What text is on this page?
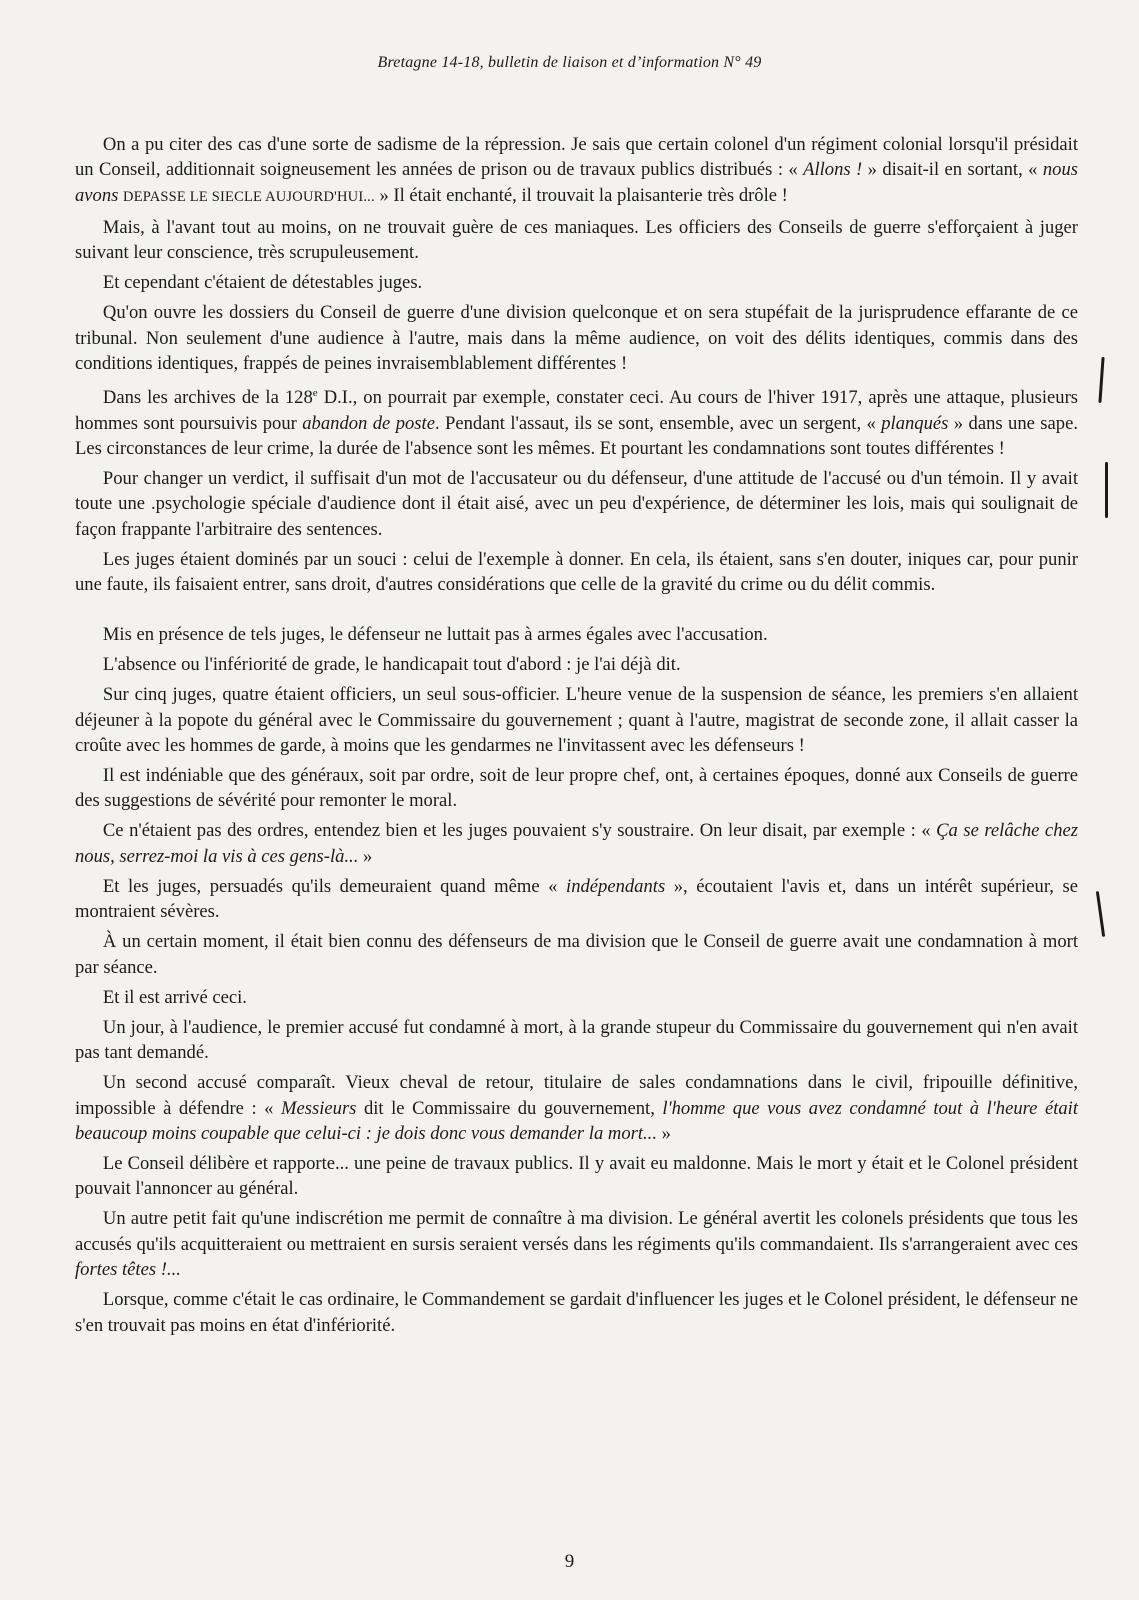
Bretagne 14-18, bulletin de liaison et d’information N° 49

  On a pu citer des cas d'une sorte de sadisme de la répression. Je sais que certain colonel d'un régiment colonial lorsqu'il présidait un Conseil, additionnait soigneusement les années de prison ou de travaux publics distribués : « Allons ! » disait-il en sortant, « nous avons DEPASSE LE SIECLE AUJOURD'HUI... » Il était enchanté, il trouvait la plaisanterie très drôle !

  Mais, à l'avant tout au moins, on ne trouvait guère de ces maniaques. Les officiers des Conseils de guerre s'efforçaient à juger suivant leur conscience, très scrupuleusement.

  Et cependant c'étaient de détestables juges.

  Qu'on ouvre les dossiers du Conseil de guerre d'une division quelconque et on sera stupéfait de la jurisprudence effarante de ce tribunal. Non seulement d'une audience à l'autre, mais dans la même audience, on voit des délits identiques, commis dans des conditions identiques, frappés de peines invraisemblablement différentes !

  Dans les archives de la 128e D.I., on pourrait par exemple, constater ceci. Au cours de l'hiver 1917, après une attaque, plusieurs hommes sont poursuivis pour abandon de poste. Pendant l'assaut, ils se sont, ensemble, avec un sergent, « planqués » dans une sape. Les circonstances de leur crime, la durée de l'absence sont les mêmes. Et pourtant les condamnations sont toutes différentes !

  Pour changer un verdict, il suffisait d'un mot de l'accusateur ou du défenseur, d'une attitude de l'accusé ou d'un témoin. Il y avait toute une .psychologie spéciale d'audience dont il était aisé, avec un peu d'expérience, de déterminer les lois, mais qui soulignait de façon frappante l'arbitraire des sentences.

  Les juges étaient dominés par un souci : celui de l'exemple à donner. En cela, ils étaient, sans s'en douter, iniques car, pour punir une faute, ils faisaient entrer, sans droit, d'autres considérations que celle de la gravité du crime ou du délit commis.

  Mis en présence de tels juges, le défenseur ne luttait pas à armes égales avec l'accusation.

  L'absence ou l'infériorité de grade, le handicapait tout d'abord : je l'ai déjà dit.

  Sur cinq juges, quatre étaient officiers, un seul sous-officier. L'heure venue de la suspension de séance, les premiers s'en allaient déjeuner à la popote du général avec le Commissaire du gouvernement ; quant à l'autre, magistrat de seconde zone, il allait casser la croûte avec les hommes de garde, à moins que les gendarmes ne l'invitassent avec les défenseurs !

  Il est indéniable que des généraux, soit par ordre, soit de leur propre chef, ont, à certaines époques, donné aux Conseils de guerre des suggestions de sévérité pour remonter le moral.

  Ce n'étaient pas des ordres, entendez bien et les juges pouvaient s'y soustraire. On leur disait, par exemple : « Ça se relâche chez nous, serrez-moi la vis à ces gens-là... »

  Et les juges, persuadés qu'ils demeuraient quand même « indépendants », écoutaient l'avis et, dans un intérêt supérieur, se montraient sévères.

  À un certain moment, il était bien connu des défenseurs de ma division que le Conseil de guerre avait une condamnation à mort par séance.

  Et il est arrivé ceci.

  Un jour, à l'audience, le premier accusé fut condamné à mort, à la grande stupeur du Commissaire du gouvernement qui n'en avait pas tant demandé.

  Un second accusé comparaît. Vieux cheval de retour, titulaire de sales condamnations dans le civil, fripouille définitive, impossible à défendre : « Messieurs dit le Commissaire du gouvernement, l'homme que vous avez condamné tout à l'heure était beaucoup moins coupable que celui-ci : je dois donc vous demander la mort... »

  Le Conseil délibère et rapporte... une peine de travaux publics. Il y avait eu maldonne. Mais le mort y était et le Colonel président pouvait l'annoncer au général.

  Un autre petit fait qu'une indiscrétion me permit de connaître à ma division. Le général avertit les colonels présidents que tous les accusés qu'ils acquitteraient ou mettraient en sursis seraient versés dans les régiments qu'ils commandaient. Ils s'arrangeraient avec ces fortes têtes !...

  Lorsque, comme c'était le cas ordinaire, le Commandement se gardait d'influencer les juges et le Colonel président, le défenseur ne s'en trouvait pas moins en état d'infériorité.

9
